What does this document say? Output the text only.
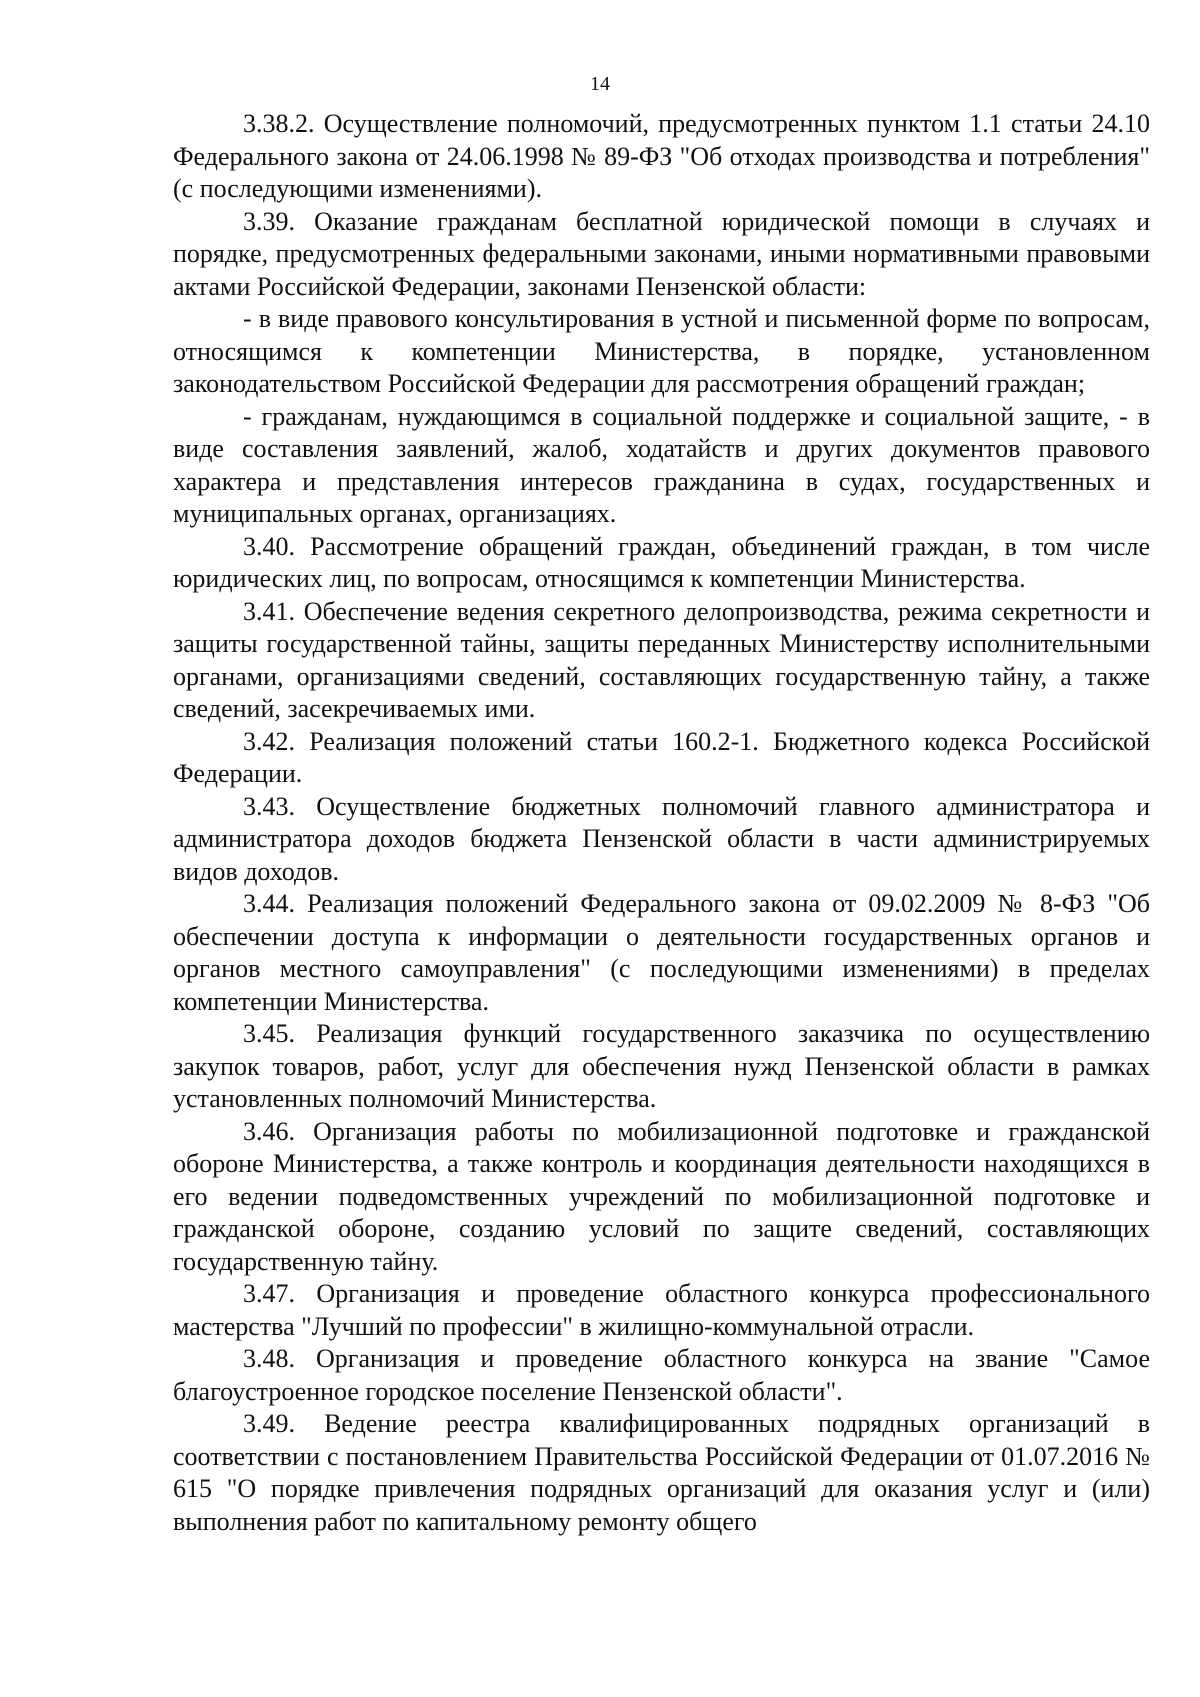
14

3.38.2. Осуществление полномочий, предусмотренных пунктом 1.1 статьи 24.10 Федерального закона от 24.06.1998 № 89-ФЗ "Об отходах производства и потребления" (с последующими изменениями).

3.39. Оказание гражданам бесплатной юридической помощи в случаях и порядке, предусмотренных федеральными законами, иными нормативными правовыми актами Российской Федерации, законами Пензенской области:

- в виде правового консультирования в устной и письменной форме по вопросам, относящимся к компетенции Министерства, в порядке, установленном законодательством Российской Федерации для рассмотрения обращений граждан;

- гражданам, нуждающимся в социальной поддержке и социальной защите, - в виде составления заявлений, жалоб, ходатайств и других документов правового характера и представления интересов гражданина в судах, государственных и муниципальных органах, организациях.

3.40. Рассмотрение обращений граждан, объединений граждан, в том числе юридических лиц, по вопросам, относящимся к компетенции Министерства.

3.41. Обеспечение ведения секретного делопроизводства, режима секретности и защиты государственной тайны, защиты переданных Министерству исполнительными органами, организациями сведений, составляющих государственную тайну, а также сведений, засекречиваемых ими.

3.42. Реализация положений статьи 160.2-1. Бюджетного кодекса Российской Федерации.

3.43. Осуществление бюджетных полномочий главного администратора и администратора доходов бюджета Пензенской области в части администрируемых видов доходов.

3.44. Реализация положений Федерального закона от 09.02.2009 № 8-ФЗ "Об обеспечении доступа к информации о деятельности государственных органов и органов местного самоуправления" (с последующими изменениями) в пределах компетенции Министерства.

3.45. Реализация функций государственного заказчика по осуществлению закупок товаров, работ, услуг для обеспечения нужд Пензенской области в рамках установленных полномочий Министерства.

3.46. Организация работы по мобилизационной подготовке и гражданской обороне Министерства, а также контроль и координация деятельности находящихся в его ведении подведомственных учреждений по мобилизационной подготовке и гражданской обороне, созданию условий по защите сведений, составляющих государственную тайну.

3.47. Организация и проведение областного конкурса профессионального мастерства "Лучший по профессии" в жилищно-коммунальной отрасли.

3.48. Организация и проведение областного конкурса на звание "Самое благоустроенное городское поселение Пензенской области".

3.49. Ведение реестра квалифицированных подрядных организаций в соответствии с постановлением Правительства Российской Федерации от 01.07.2016 № 615 "О порядке привлечения подрядных организаций для оказания услуг и (или) выполнения работ по капитальному ремонту общего
